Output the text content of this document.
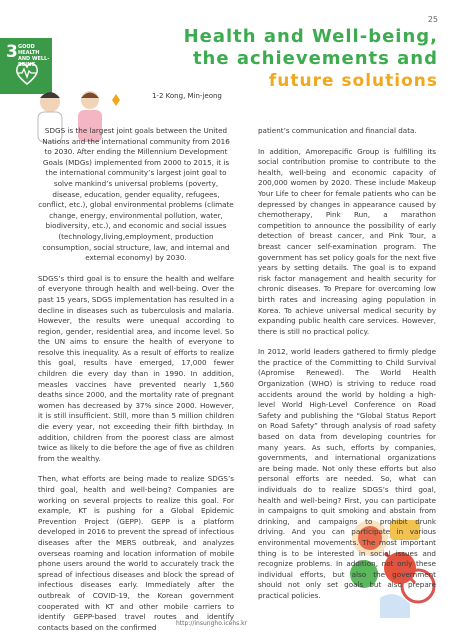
25
3 GOOD HEALTH AND WELL-BEING
Health and Well-being,
the achievements and
future solutions
1-2 Kong, Min-jeong

SDGS is the largest joint goals between the United Nations and the international community from 2016 to 2030. After ending the Millennium Development Goals (MDGs) implemented from 2000 to 2015, it is the international community’s largest joint goal to solve mankind’s universal problems (poverty, disease, education, gender equality, refugees, conflict, etc.), global environmental problems (climate change, energy, environmental pollution, water, biodiversity, etc.), and economic and social issues (technology,living,employment, production consumption, social structure, law, and internal and external economy) by 2030.

SDGS’s third goal is to ensure the health and welfare of everyone through health and well-being. Over the past 15 years, SDGS implementation has resulted in a decline in diseases such as tuberculosis and malaria. However, the results were unequal according to region, gender, residential area, and income level. So the UN aims to ensure the health of everyone to resolve this inequality. As a result of efforts to realize this goal, results have emerged, 17,000 fewer children die every day than in 1990. In addition, measles vaccines have prevented nearly 1,560 deaths since 2000, and the mortality rate of pregnant women has decreased by 37% since 2000. However, it is still insufficient. Still, more than 5 million children die every year, not exceeding their fifth birthday. In addition, children from the poorest class are almost twice as likely to die before the age of five as children from the wealthy.

Then, what efforts are being made to realize SDGS’s third goal, health and well-being? Companies are working on several projects to realize this goal. For example, KT is pushing for a Global Epidemic Prevention Project (GEPP). GEPP is a platform developed in 2016 to prevent the spread of infectious diseases after the MERS outbreak, and analyzes overseas roaming and location information of mobile phone users around the world to accurately track the spread of infectious diseases and block the spread of infectious diseases early. Immediately after the outbreak of COVID-19, the Korean government cooperated with KT and other mobile carriers to identify GEPP-based travel routes and identify contacts based on the confirmed

patient’s communication and financial data.

In addition, Amorepacific Group is fulfilling its social contribution promise to contribute to the health, well-being and economic capacity of 200,000 women by 2020. These include Makeup Your Life to cheer for female patients who can be depressed by changes in appearance caused by chemotherapy, Pink Run, a marathon competition to announce the possibility of early detection of breast cancer, and Pink Tour, a breast cancer self-examination program. The government has set policy goals for the next five years by setting details. The goal is to expand risk factor management and health security for chronic diseases. To Prepare for overcoming low birth rates and increasing aging population in Korea. To achieve universal medical security by expanding public health care services. However, there is still no practical policy.

In 2012, world leaders gathered to firmly pledge the practice of the Committing to Child Survival (Apromise Renewed). The World Health Organization (WHO) is striving to reduce road accidents around the world by holding a high-level World High-Level Conference on Road Safety and publishing the “Global Status Report on Road Safety” through analysis of road safety based on data from developing countries for many years. As such, efforts by companies, governments, and international organizations are being made. Not only these efforts but also personal efforts are needed. So, what can individuals do to realize SDGS’s third goal, health and well-being? First, you can participate in campaigns to quit smoking and abstain from drinking, and campaigns to prohibit drunk driving. And you can participate in various environmental movements. The most important thing is to be interested in social issues and recognize problems. In addition, not only these individual efforts, but also the government should not only set goals but also prepare practical policies.

http://insungho.icehs.kr
